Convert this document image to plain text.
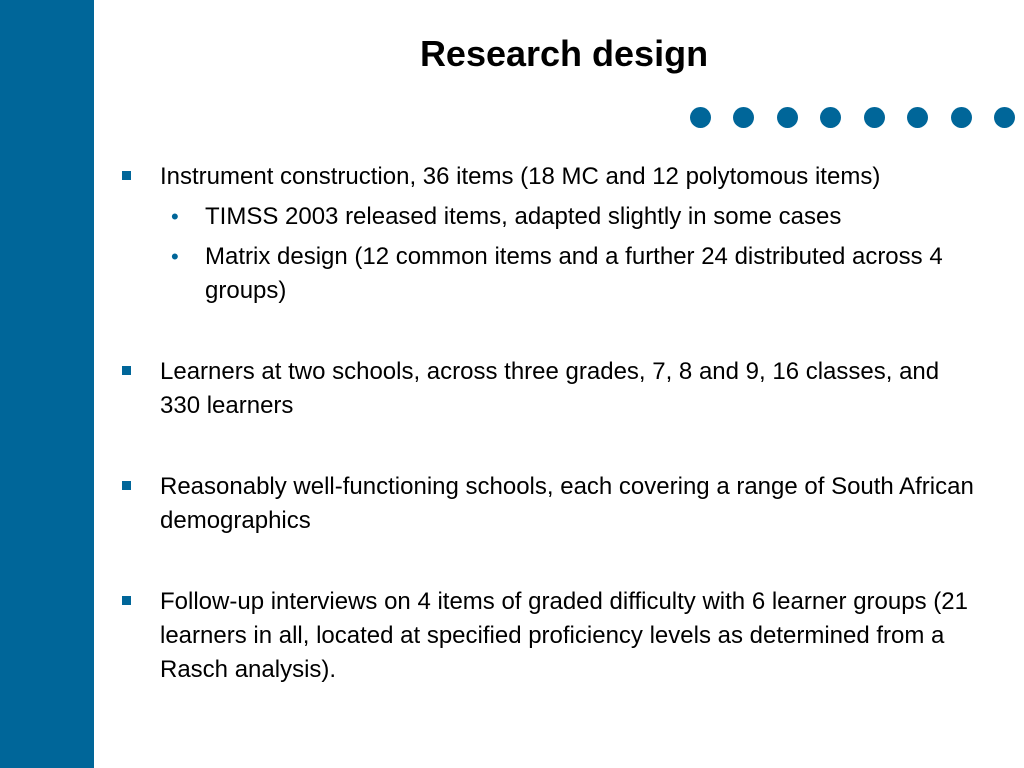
Research design
Instrument construction, 36 items (18 MC and 12 polytomous items)
• TIMSS 2003 released items, adapted slightly in some cases
• Matrix design (12 common items and a further 24 distributed across 4 groups)
Learners at two schools, across three grades, 7, 8 and 9, 16 classes, and 330 learners
Reasonably well-functioning schools, each covering a range of South African demographics
Follow-up interviews on 4 items of graded difficulty with 6 learner groups (21 learners in all, located at specified proficiency levels as determined from a Rasch analysis).
